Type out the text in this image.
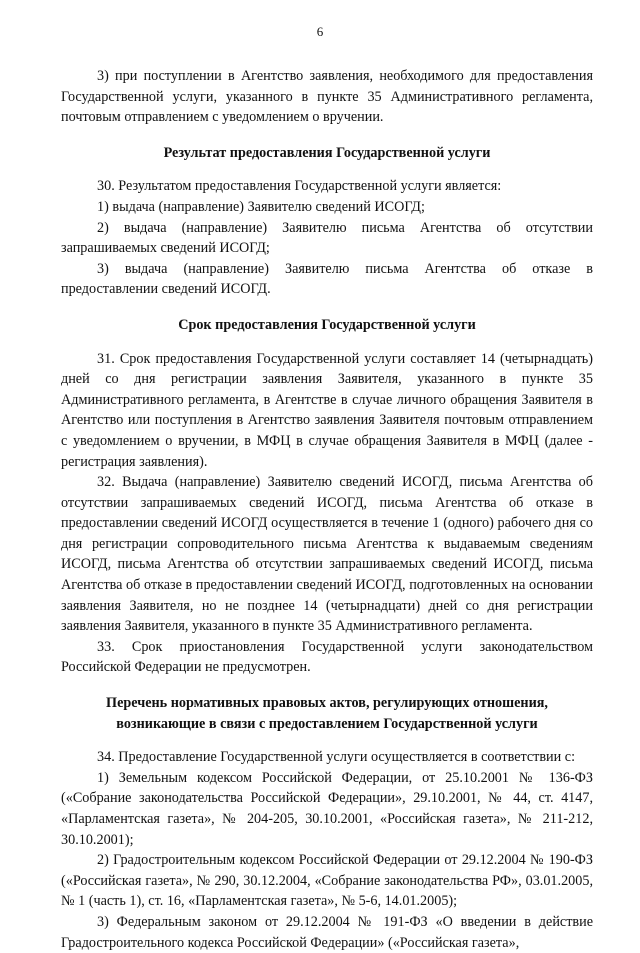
6

3) при поступлении в Агентство заявления, необходимого для предоставления Государственной услуги, указанного в пункте 35 Административного регламента, почтовым отправлением с уведомлением о вручении.

Результат предоставления Государственной услуги

30. Результатом предоставления Государственной услуги является:

1) выдача (направление) Заявителю сведений ИСОГД;

2) выдача (направление) Заявителю письма Агентства об отсутствии запрашиваемых сведений ИСОГД;

3) выдача (направление) Заявителю письма Агентства об отказе в предоставлении сведений ИСОГД.

Срок предоставления Государственной услуги

31. Срок предоставления Государственной услуги составляет 14 (четырнадцать) дней со дня регистрации заявления Заявителя, указанного в пункте 35 Административного регламента, в Агентстве в случае личного обращения Заявителя в Агентство или поступления в Агентство заявления Заявителя почтовым отправлением с уведомлением о вручении, в МФЦ в случае обращения Заявителя в МФЦ (далее - регистрация заявления).

32. Выдача (направление) Заявителю сведений ИСОГД, письма Агентства об отсутствии запрашиваемых сведений ИСОГД, письма Агентства об отказе в предоставлении сведений ИСОГД осуществляется в течение 1 (одного) рабочего дня со дня регистрации сопроводительного письма Агентства к выдаваемым сведениям ИСОГД, письма Агентства об отсутствии запрашиваемых сведений ИСОГД, письма Агентства об отказе в предоставлении сведений ИСОГД, подготовленных на основании заявления Заявителя, но не позднее 14 (четырнадцати) дней со дня регистрации заявления Заявителя, указанного в пункте 35 Административного регламента.

33. Срок приостановления Государственной услуги законодательством Российской Федерации не предусмотрен.

Перечень нормативных правовых актов, регулирующих отношения,
возникающие в связи с предоставлением Государственной услуги

34. Предоставление Государственной услуги осуществляется в соответствии с:

1) Земельным кодексом Российской Федерации, от 25.10.2001 № 136-ФЗ («Собрание законодательства Российской Федерации», 29.10.2001, № 44, ст. 4147, «Парламентская газета», № 204-205, 30.10.2001, «Российская газета», № 211-212, 30.10.2001);

2) Градостроительным кодексом Российской Федерации от 29.12.2004 № 190-ФЗ («Российская газета», № 290, 30.12.2004, «Собрание законодательства РФ», 03.01.2005, № 1 (часть 1), ст. 16, «Парламентская газета», № 5-6, 14.01.2005);

3) Федеральным законом от 29.12.2004 № 191-ФЗ «О введении в действие Градостроительного кодекса Российской Федерации» («Российская газета»,
